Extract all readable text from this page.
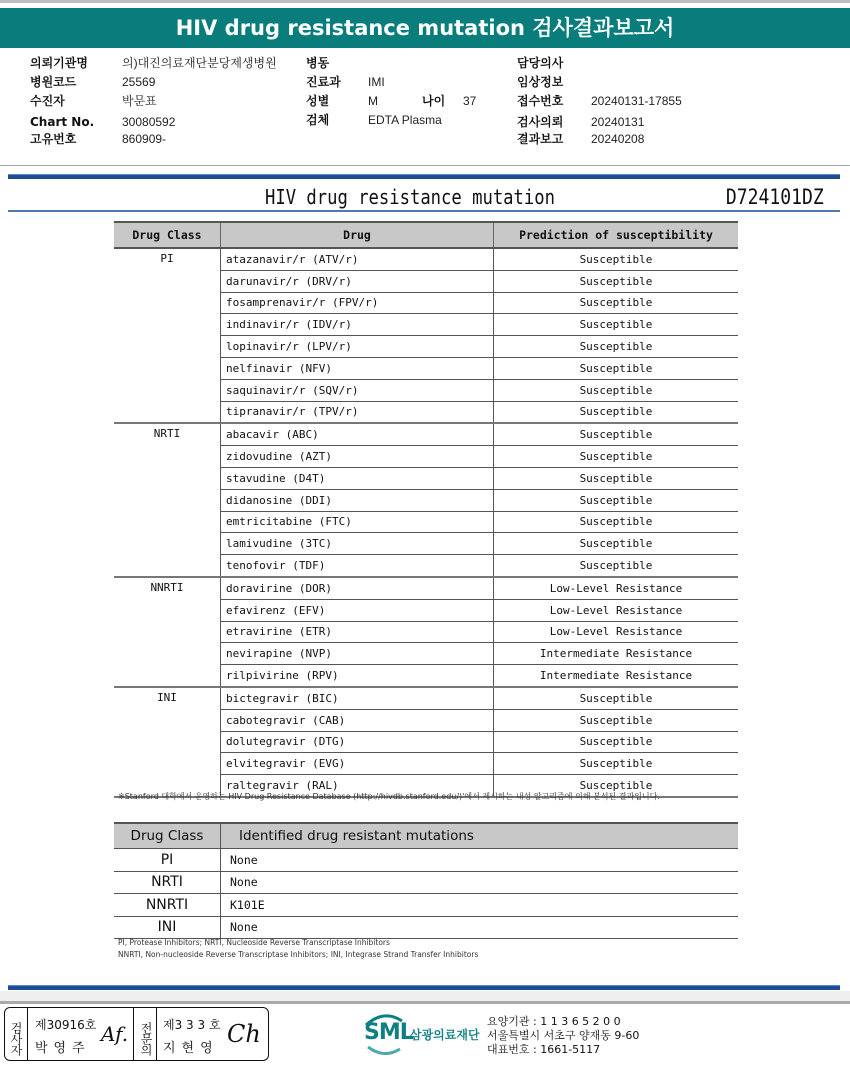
HIV drug resistance mutation 검사결과보고서
의뢰기관명	의)대진의료재단분당제생병원
병원코드	25569
수진자	박문표
Chart No. 30080592
고유번호	860909-
병동
진료과 IMI
성별	M	나이 37
검체	EDTA Plasma
담당의사
임상정보
접수번호 20240131-17855
검사의뢰 20240131
결과보고 20240208
HIV drug resistance mutation	D724101DZ
Drug Class	Drug	Prediction of susceptibility
PI	atazanavir/r (ATV/r)	Susceptible
	darunavir/r (DRV/r)	Susceptible
	fosamprenavir/r (FPV/r)	Susceptible
	indinavir/r (IDV/r)	Susceptible
	lopinavir/r (LPV/r)	Susceptible
	nelfinavir (NFV)	Susceptible
	saquinavir/r (SQV/r)	Susceptible
	tipranavir/r (TPV/r)	Susceptible
NRTI	abacavir (ABC)	Susceptible
	zidovudine (AZT)	Susceptible
	stavudine (D4T)	Susceptible
	didanosine (DDI)	Susceptible
	emtricitabine (FTC)	Susceptible
	lamivudine (3TC)	Susceptible
	tenofovir (TDF)	Susceptible
NNRTI	doravirine (DOR)	Low-Level Resistance
	efavirenz (EFV)	Low-Level Resistance
	etravirine (ETR)	Low-Level Resistance
	nevirapine (NVP)	Intermediate Resistance
	rilpivirine (RPV)	Intermediate Resistance
INI	bictegravir (BIC)	Susceptible
	cabotegravir (CAB)	Susceptible
	dolutegravir (DTG)	Susceptible
	elvitegravir (EVG)	Susceptible
	raltegravir (RAL)	Susceptible
※Stanford 대학에서 운영하는 HIV Drug Resistance Database (http://hivdb.stanford.edu/)'에서 제시하는 내성 알고리즘에 의해 분석된 결과입니다.
Drug Class	Identified drug resistant mutations
PI	None
NRTI	None
NNRTI	K101E
INI	None
PI, Protease Inhibitors; NRTI, Nucleoside Reverse Transcriptase Inhibitors
NNRTI, Non-nucleoside Reverse Transcriptase Inhibitors; INI, Integrase Strand Transfer Inhibitors
검사자 제30916호
박영주
Af. 전문의 제3 3 3 호
지현영
Ch	SML
삼광의료재단
요양기관 : 1 1 3 6 5 2 0 0
서울특별시 서초구 양재동 9-60
대표번호 : 1661-5117
